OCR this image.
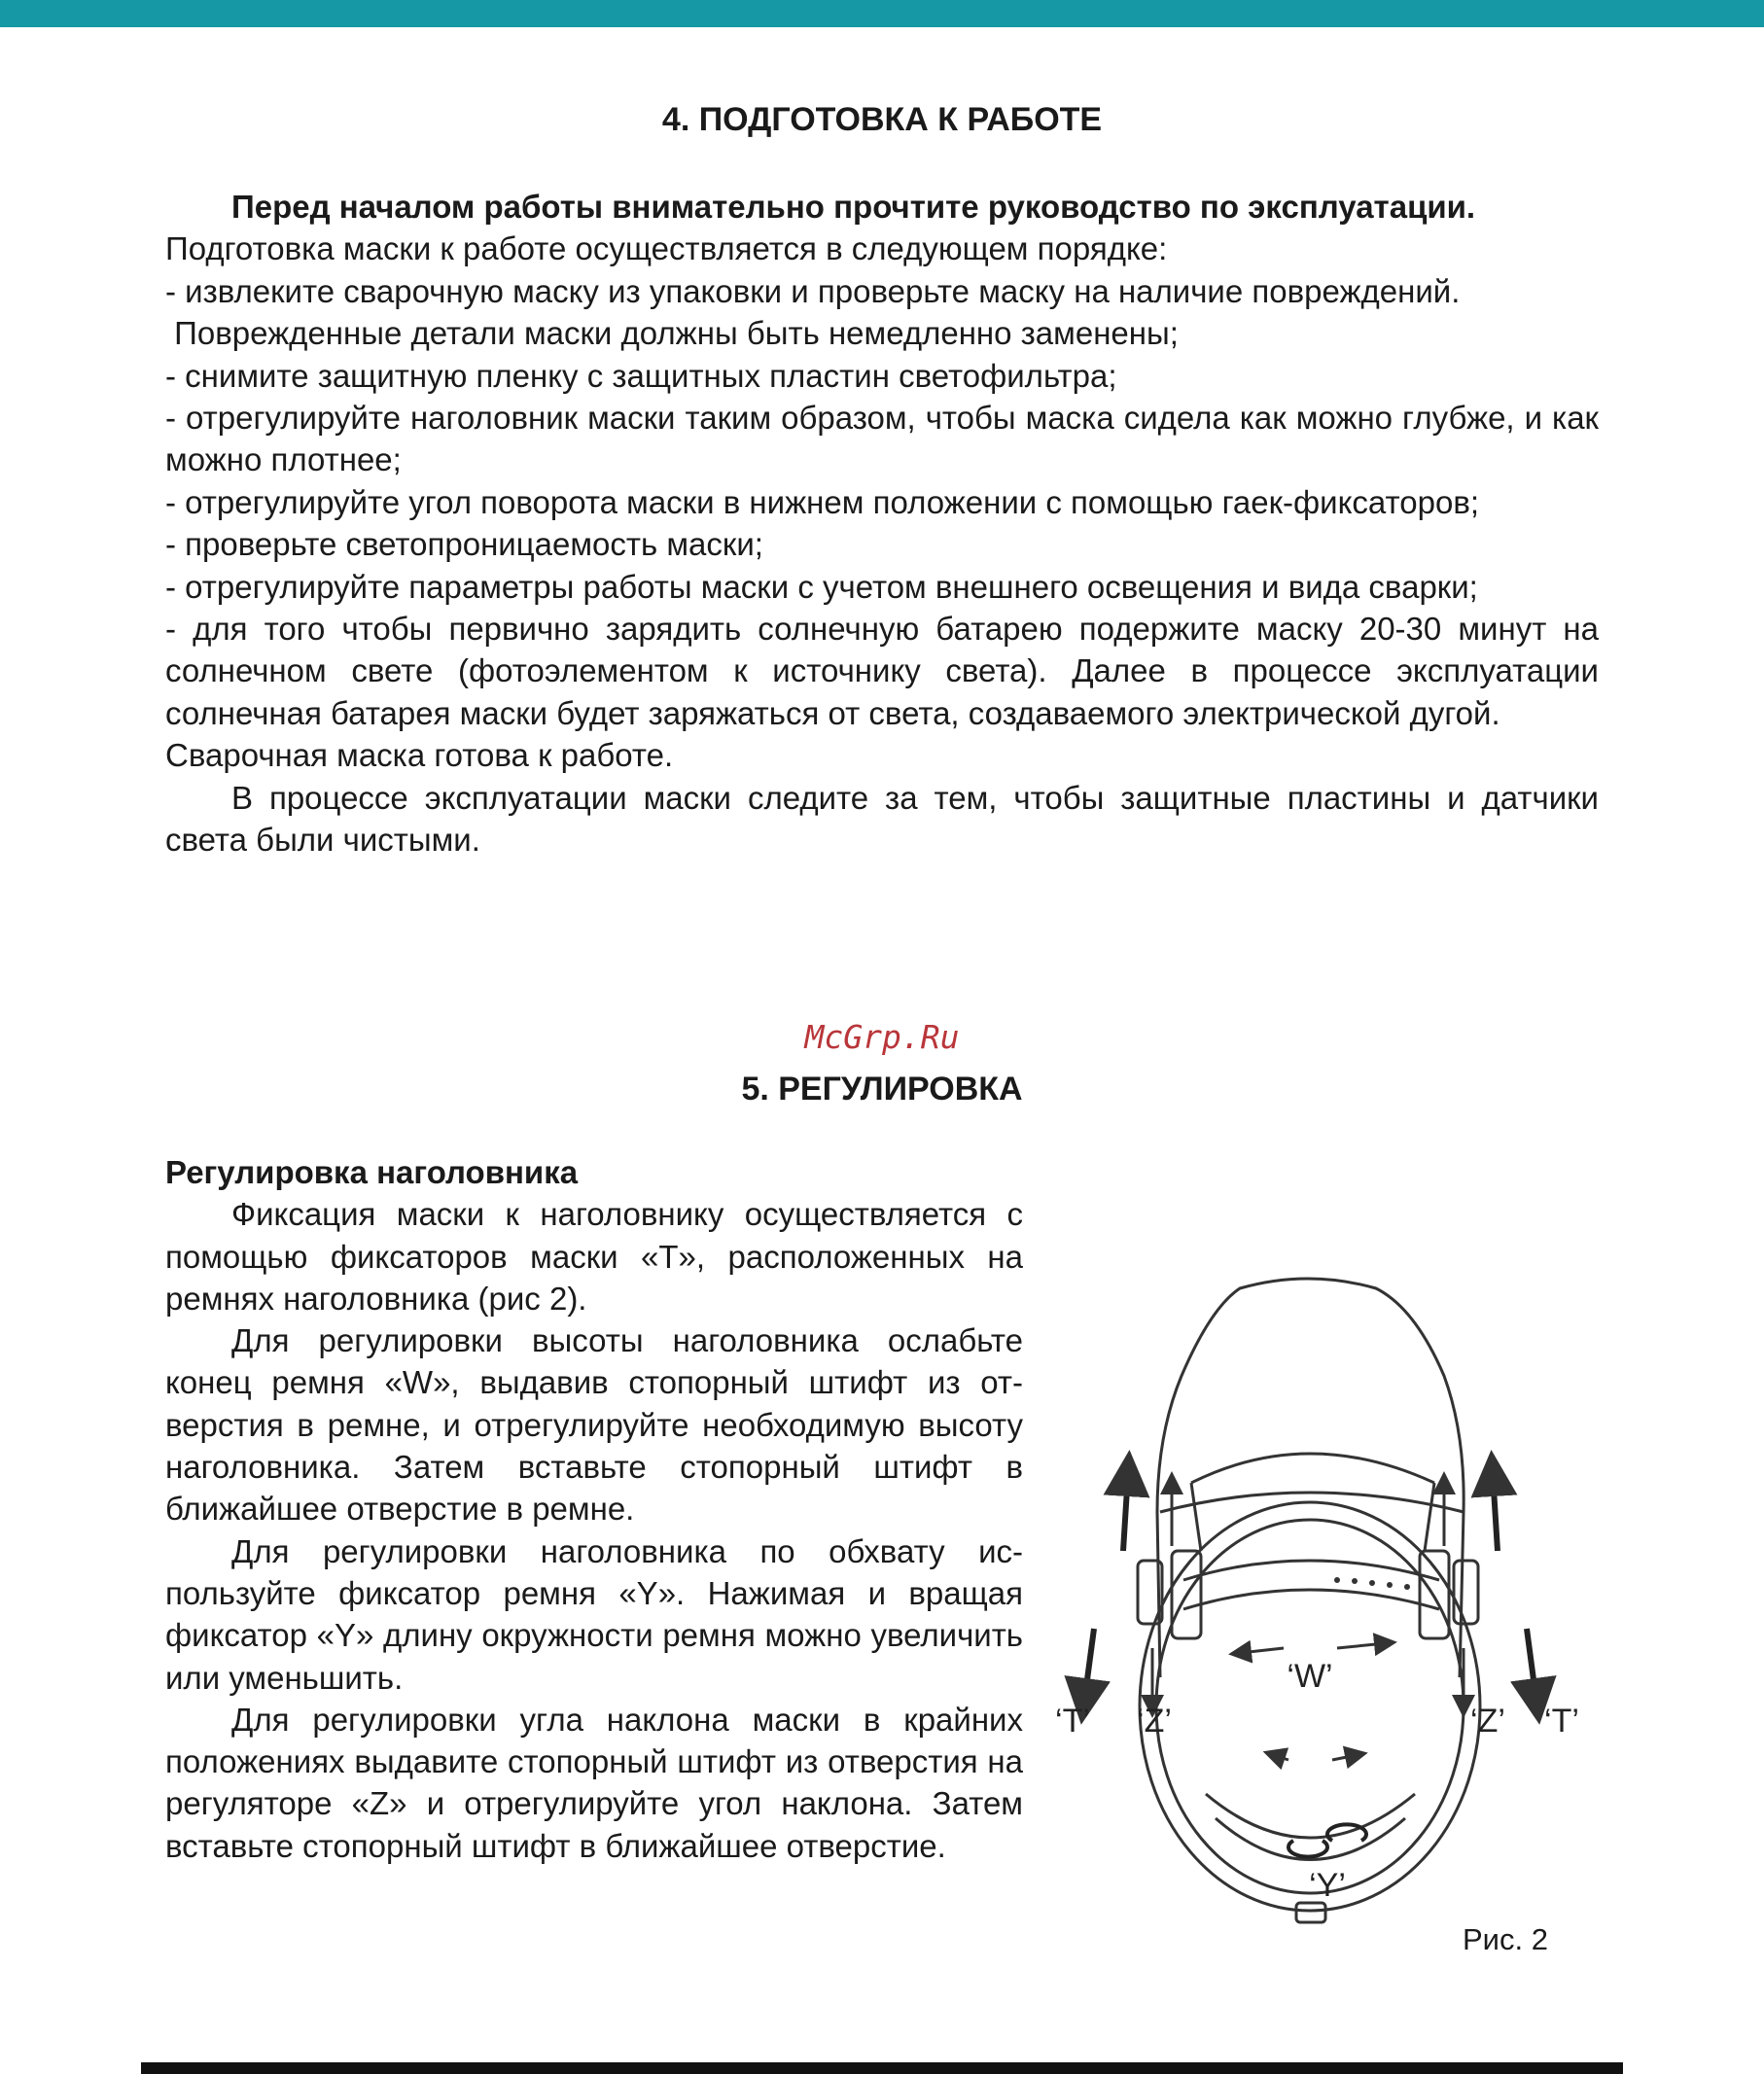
4. ПОДГОТОВКА К РАБОТЕ
Перед началом работы внимательно прочтите руководство по эксплуатации.
Подготовка маски к работе осуществляется в следующем порядке:
- извлеките сварочную маску из упаковки и проверьте маску на наличие повреждений.
Поврежденные детали маски должны быть немедленно заменены;
- снимите защитную пленку с защитных пластин светофильтра;
- отрегулируйте наголовник маски таким образом, чтобы маска сидела как можно глубже, и как можно плотнее;
- отрегулируйте угол поворота маски в нижнем положении с помощью гаек-фиксаторов;
- проверьте светопроницаемость маски;
- отрегулируйте параметры работы маски с учетом внешнего освещения и вида сварки;
- для того чтобы первично зарядить солнечную батарею подержите маску 20-30 минут на солнечном свете (фотоэлементом к источнику света). Далее в процессе эксплуатации солнечная батарея маски будет заряжаться от света, создаваемого электрической дугой.
Сварочная маска готова к работе.
В процессе эксплуатации маски следите за тем, чтобы защитные пластины и датчики света были чистыми.
McGrp.Ru
5. РЕГУЛИРОВКА

Регулировка наголовника

Фиксация маски к наголовнику осуществляется с помощью фиксаторов маски «T», расположенных на ремнях наголовника (рис 2).

Для регулировки высоты наголовника ослабьте конец ремня «W», выдавив стопорный штифт из отверстия в ремне, и отрегулируйте необходимую высоту наголовника. Затем вставьте стопорный штифт в ближайшее отверстие в ремне.

Для регулировки наголовника по обхвату используйте фиксатор ремня «Y». Нажимая и вращая фиксатор «Y» длину окружности ремня можно увеличить или уменьшить.

Для регулировки угла наклона маски в крайних положениях выдавите стопорный штифт из отверстия на регуляторе «Z» и отрегулируйте угол наклона. Затем вставьте стопорный штифт в ближайшее отверстие.

‘W’
‘T’ ‘Z’	‘Z’ ‘T’
‘Y’
Рис. 2
